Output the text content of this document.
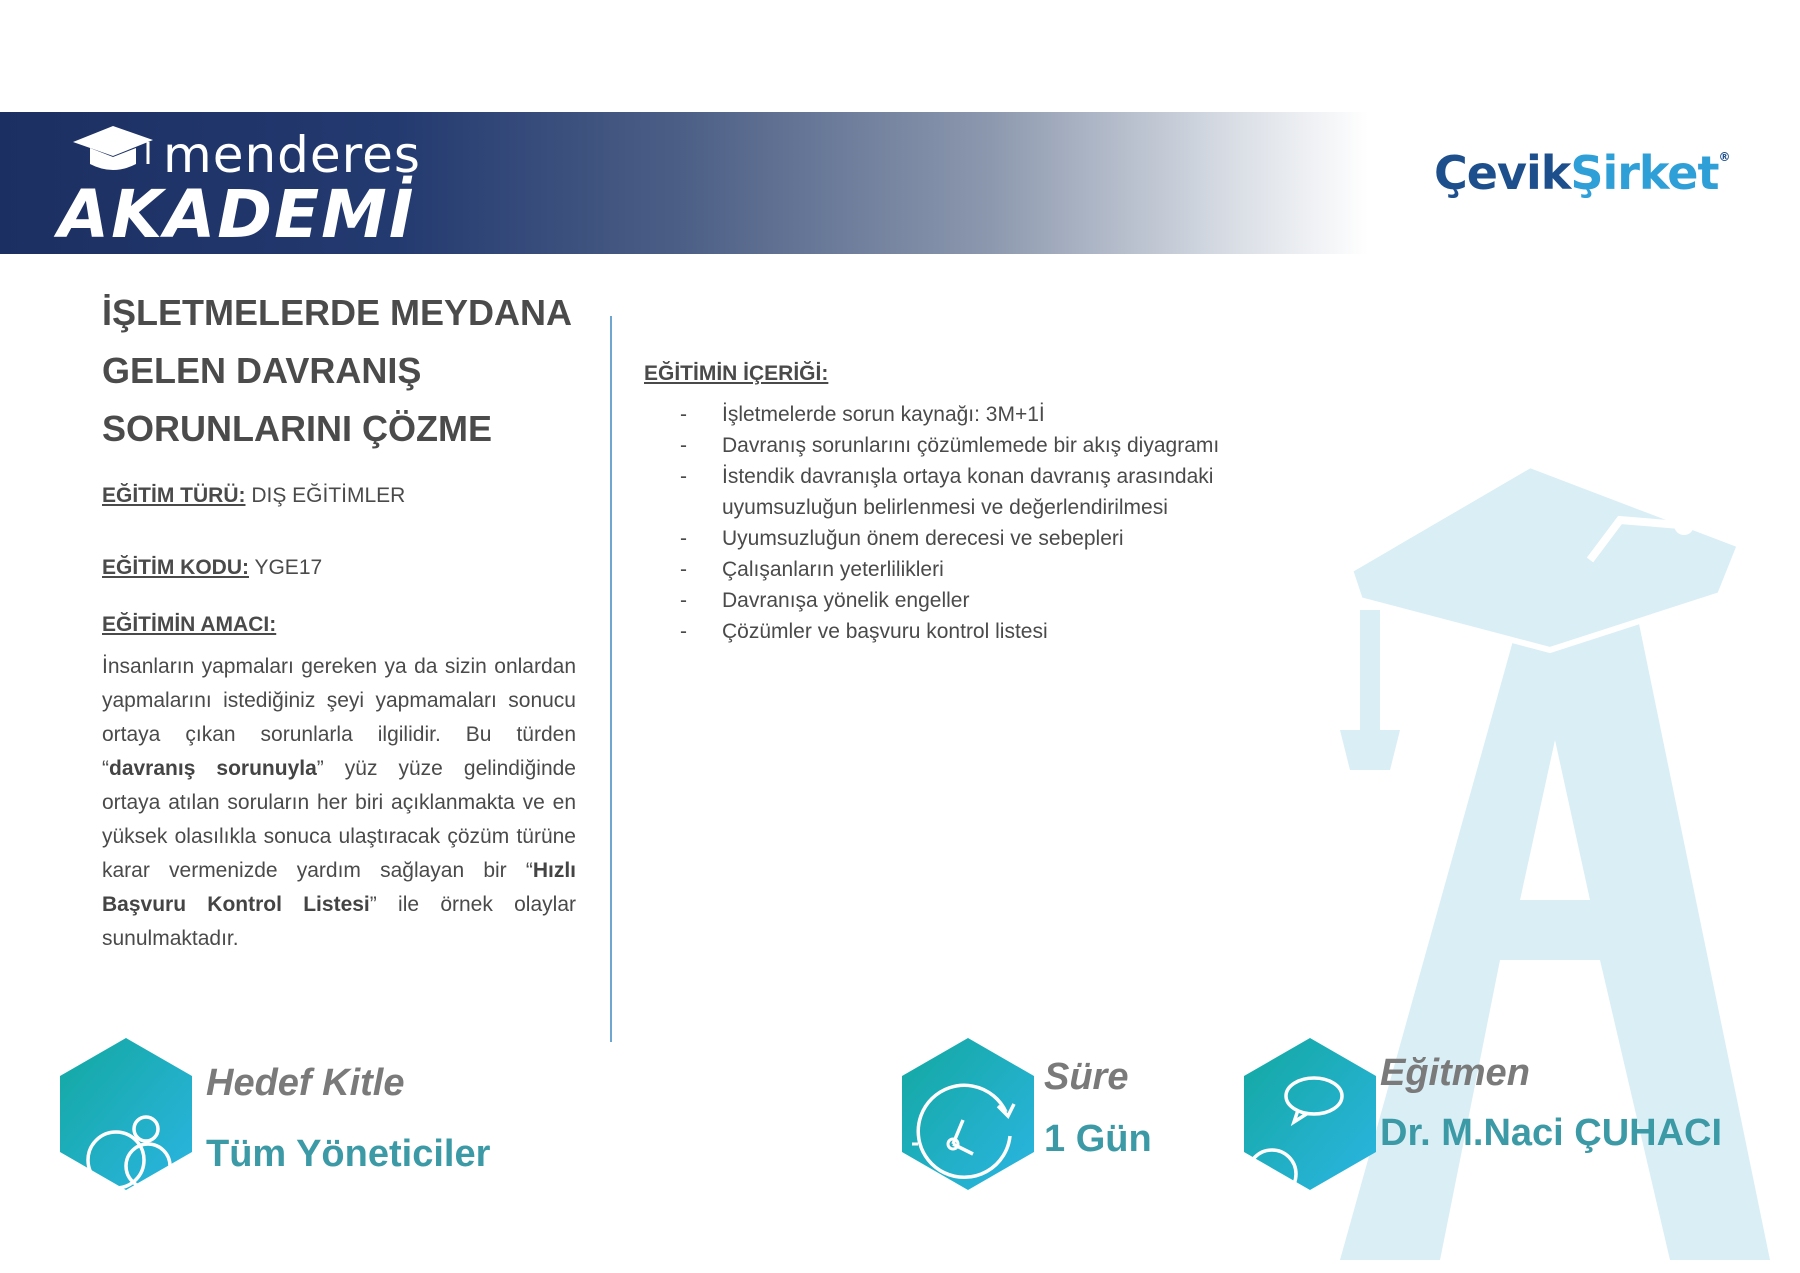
menderes
AKADEMİ
ÇevikŞirket®
İŞLETMELERDE MEYDANA
GELEN DAVRANIŞ
SORUNLARINI ÇÖZME
EĞİTİM TÜRÜ: DIŞ EĞİTİMLER
EĞİTİM KODU: YGE17
EĞİTİMİN AMACI:

İnsanların yapmaları gereken ya da sizin onlardan yapmalarını istediğiniz şeyi yapmamaları sonucu ortaya çıkan sorunlarla ilgilidir. Bu türden “davranış sorunuyla” yüz yüze gelindiğinde ortaya atılan soruların her biri açıklanmakta ve en yüksek olasılıkla sonuca ulaştıracak çözüm türüne karar vermenizde yardım sağlayan bir “Hızlı Başvuru Kontrol Listesi” ile örnek olaylar sunulmaktadır.

EĞİTİMİN İÇERİĞİ:
- İşletmelerde sorun kaynağı: 3M+1İ
- Davranış sorunlarını çözümlemede bir akış diyagramı
- İstendik davranışla ortaya konan davranış arasındaki uyumsuzluğun belirlenmesi ve değerlendirilmesi
- Uyumsuzluğun önem derecesi ve sebepleri
- Çalışanların yeterlilikleri
- Davranışa yönelik engeller
- Çözümler ve başvuru kontrol listesi
Hedef Kitle
Tüm Yöneticiler
Süre
1 Gün
Eğitmen
Dr. M.Naci ÇUHACI
